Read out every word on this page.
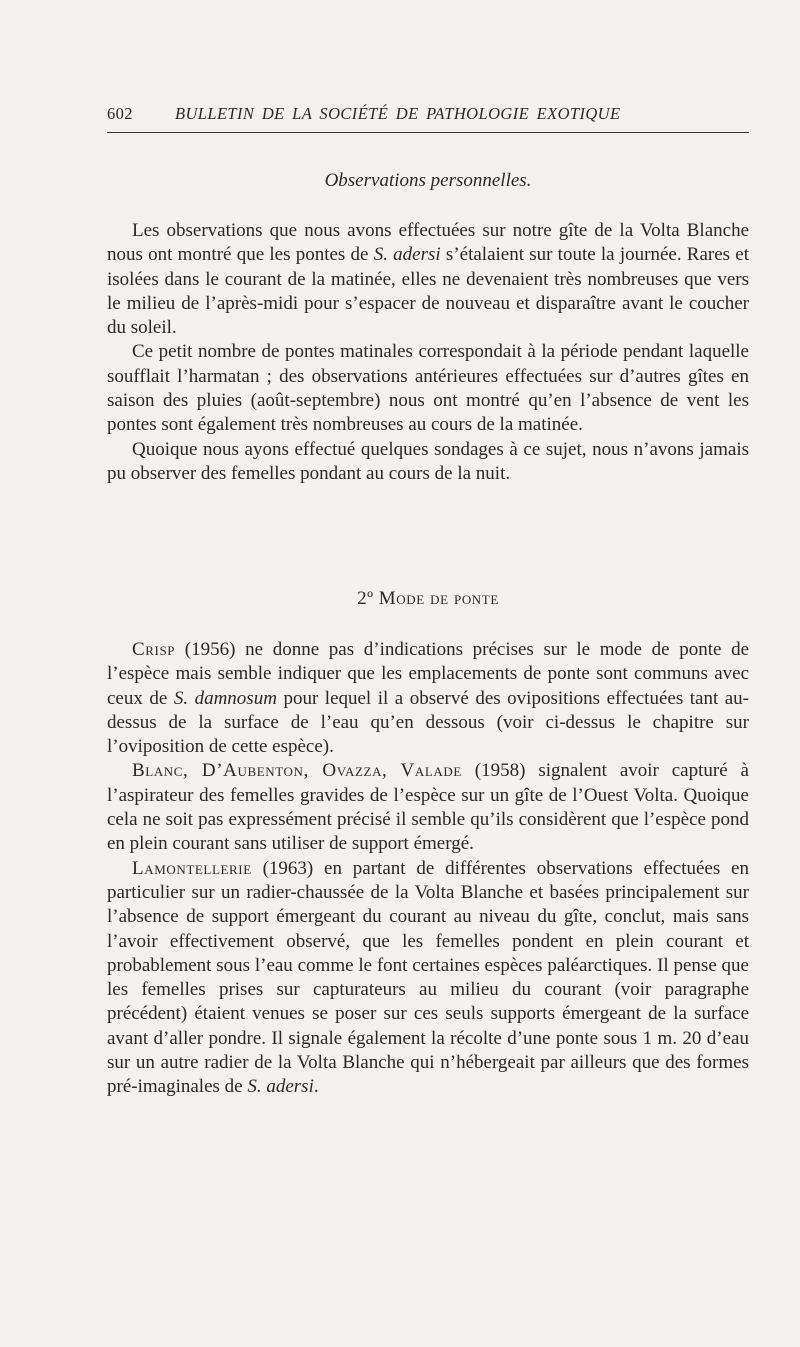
602	BULLETIN DE LA SOCIÉTÉ DE PATHOLOGIE EXOTIQUE
Observations personnelles.

Les observations que nous avons effectuées sur notre gîte de la Volta Blanche nous ont montré que les pontes de S. adersi s’étalaient sur toute la journée. Rares et isolées dans le courant de la matinée, elles ne devenaient très nombreuses que vers le milieu de l’après-midi pour s’espacer de nouveau et disparaître avant le coucher du soleil.

Ce petit nombre de pontes matinales correspondait à la période pendant laquelle soufflait l’harmatan ; des observations antérieures effectuées sur d’autres gîtes en saison des pluies (août-septembre) nous ont montré qu’en l’absence de vent les pontes sont également très nombreuses au cours de la matinée.

Quoique nous ayons effectué quelques sondages à ce sujet, nous n’avons jamais pu observer des femelles pondant au cours de la nuit.

2º Mode de ponte

Crisp (1956) ne donne pas d’indications précises sur le mode de ponte de l’espèce mais semble indiquer que les emplacements de ponte sont communs avec ceux de S. damnosum pour lequel il a observé des ovipositions effectuées tant au-dessus de la surface de l’eau qu’en dessous (voir ci-dessus le chapitre sur l’oviposition de cette espèce).

Blanc, D’Aubenton, Ovazza, Valade (1958) signalent avoir capturé à l’aspirateur des femelles gravides de l’espèce sur un gîte de l’Ouest Volta. Quoique cela ne soit pas expressément précisé il semble qu’ils considèrent que l’espèce pond en plein courant sans utiliser de support émergé.

Lamontellerie (1963) en partant de différentes observations effectuées en particulier sur un radier-chaussée de la Volta Blanche et basées principalement sur l’absence de support émergeant du courant au niveau du gîte, conclut, mais sans l’avoir effectivement observé, que les femelles pondent en plein courant et probablement sous l’eau comme le font certaines espèces paléarctiques. Il pense que les femelles prises sur capturateurs au milieu du courant (voir paragraphe précédent) étaient venues se poser sur ces seuls supports émergeant de la surface avant d’aller pondre. Il signale également la récolte d’une ponte sous 1 m. 20 d’eau sur un autre radier de la Volta Blanche qui n’hébergeait par ailleurs que des formes pré-imaginales de S. adersi.
